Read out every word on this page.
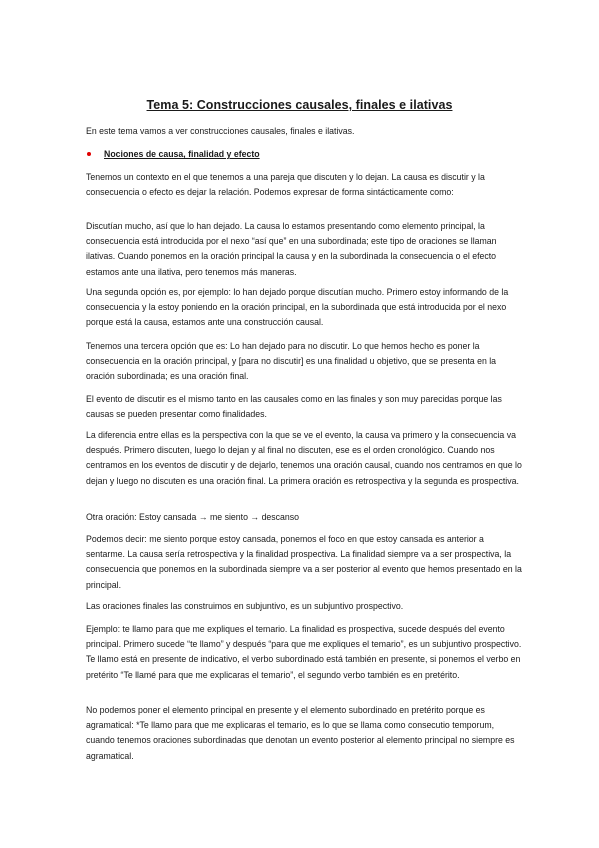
Tema 5: Construcciones causales, finales e ilativas

En este tema vamos a ver construcciones causales, finales e ilativas.

Nociones de causa, finalidad y efecto

Tenemos un contexto en el que tenemos a una pareja que discuten y lo dejan. La causa es discutir y la consecuencia o efecto es dejar la relación. Podemos expresar de forma sintácticamente como:

Discutían mucho, así que lo han dejado. La causa lo estamos presentando como elemento principal, la consecuencia está introducida por el nexo “así que” en una subordinada; este tipo de oraciones se llaman ilativas. Cuando ponemos en la oración principal la causa y en la subordinada la consecuencia o el efecto estamos ante una ilativa, pero tenemos más maneras.

Una segunda opción es, por ejemplo: lo han dejado porque discutían mucho. Primero estoy informando de la consecuencia y la estoy poniendo en la oración principal, en la subordinada que está introducida por el nexo porque está la causa, estamos ante una construcción causal.

Tenemos una tercera opción que es: Lo han dejado para no discutir. Lo que hemos hecho es poner la consecuencia en la oración principal, y [para no discutir] es una finalidad u objetivo, que se presenta en la oración subordinada; es una oración final.

El evento de discutir es el mismo tanto en las causales como en las finales y son muy parecidas porque las causas se pueden presentar como finalidades.

La diferencia entre ellas es la perspectiva con la que se ve el evento, la causa va primero y la consecuencia va después. Primero discuten, luego lo dejan y al final no discuten, ese es el orden cronológico. Cuando nos centramos en los eventos de discutir y de dejarlo, tenemos una oración causal, cuando nos centramos en que lo dejan y luego no discuten es una oración final. La primera oración es retrospectiva y la segunda es prospectiva.

Otra oración: Estoy cansada → me siento → descanso

Podemos decir: me siento porque estoy cansada, ponemos el foco en que estoy cansada es anterior a sentarme. La causa sería retrospectiva y la finalidad prospectiva. La finalidad siempre va a ser prospectiva, la consecuencia que ponemos en la subordinada siempre va a ser posterior al evento que hemos presentado en la principal.

Las oraciones finales las construimos en subjuntivo, es un subjuntivo prospectivo.

Ejemplo: te llamo para que me expliques el temario. La finalidad es prospectiva, sucede después del evento principal. Primero sucede “te llamo” y después “para que me expliques el temario”, es un subjuntivo prospectivo. Te llamo está en presente de indicativo, el verbo subordinado está también en presente, si ponemos el verbo en pretérito “Te llamé para que me explicaras el temario”, el segundo verbo también es en pretérito.

No podemos poner el elemento principal en presente y el elemento subordinado en pretérito porque es agramatical: *Te llamo para que me explicaras el temario, es lo que se llama como consecutio temporum, cuando tenemos oraciones subordinadas que denotan un evento posterior al elemento principal no siempre es agramatical.
